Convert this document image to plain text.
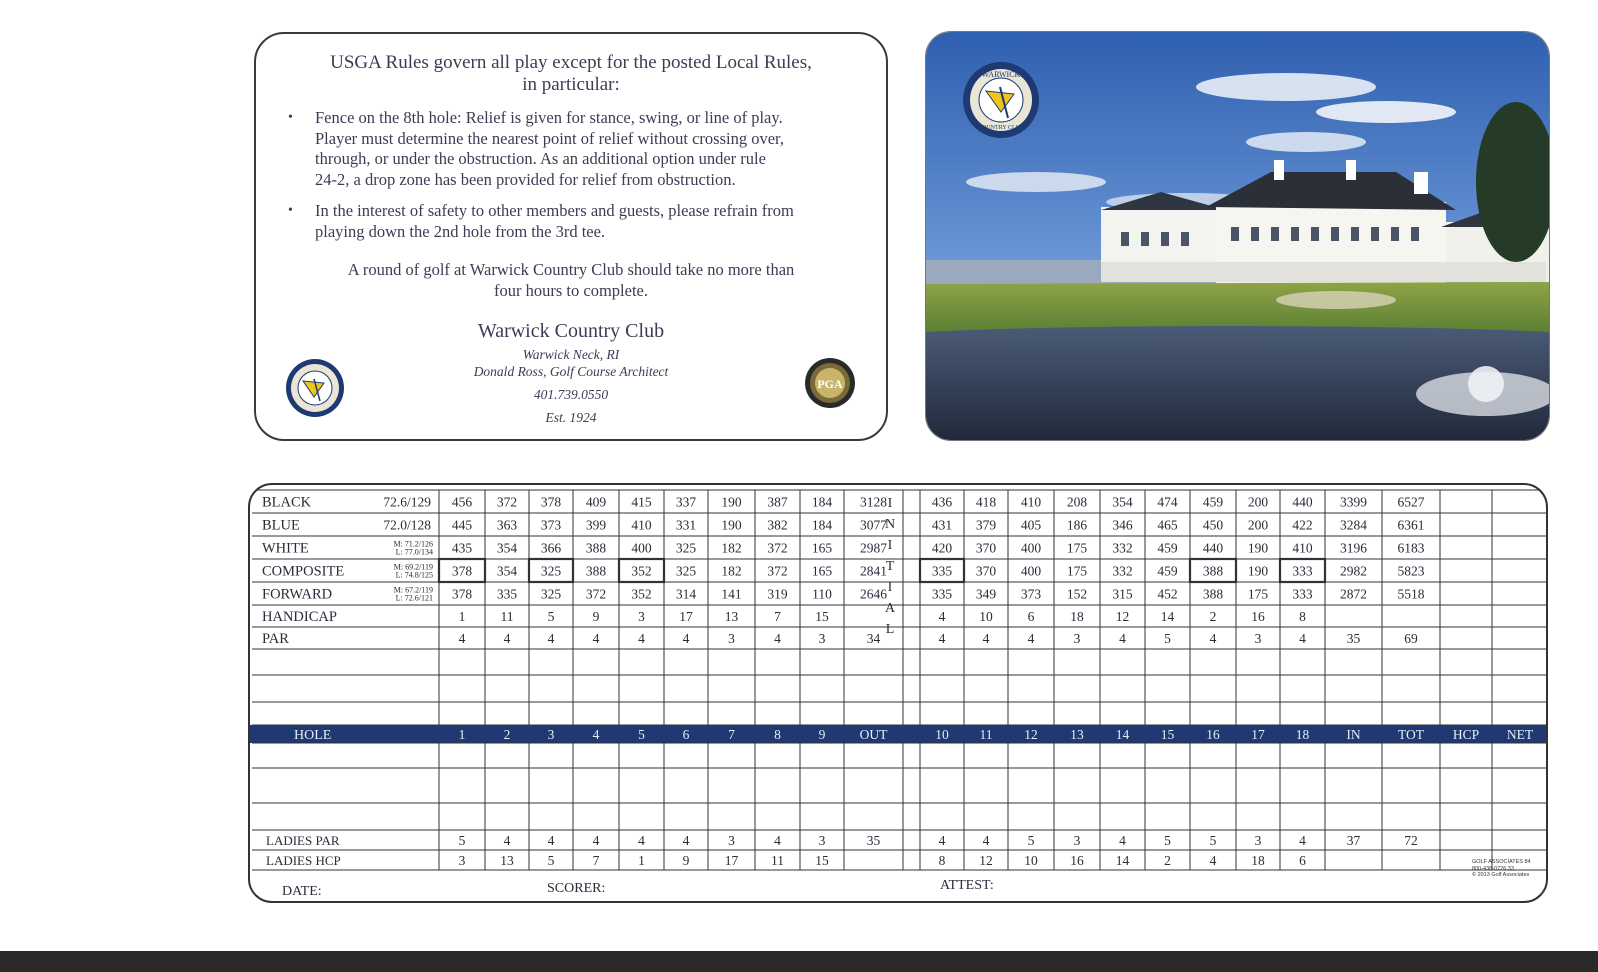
USGA Rules govern all play except for the posted Local Rules,
in particular:
• Fence on the 8th hole: Relief is given for stance, swing, or line of play.
Player must determine the nearest point of relief without crossing over,
through, or under the obstruction. As an additional option under rule
24-2, a drop zone has been provided for relief from obstruction.
• In the interest of safety to other members and guests, please refrain from
playing down the 2nd hole from the 3rd tee.
A round of golf at Warwick Country Club should take no more than
four hours to complete.
Warwick Country Club
Warwick Neck, RI
Donald Ross, Golf Course Architect
401.739.0550
Est. 1924
PGA
WARWICK
COUNTRY CLUB
BLACK	72.6/129 456 372 378 409 415 337 190 387 184 3128	436 418 410 208 354 474 459 200 440 3399 6527
BLUE	72.0/128 445 363 373 399 410 331 190 382 184 3077	431 379 405 186 346 465 450 200 422 3284 6361
WHITE	M: 71.2/126
L: 77.0/134 435 354 366 388 400 325 182 372 165 2987	420 370 400 175 332 459 440 190 410 3196 6183
COMPOSITE	M: 69.2/119
L: 74.8/125 378 354 325 388 352 325 182 372 165 2841	335 370 400 175 332 459 388 190 333 2982 5823
FORWARD	M: 67.2/119
L: 72.6/121 378 335 325 372 352 314 141 319 110 2646	335 349 373 152 315 452 388 175 333 2872 5518
HANDICAP	1	11	5	9	3	17 13	7	15	4	10	6	18 12 14	2	16	8
PAR	4	4	4	4	4	4	3	4	3	34	4	4	4	3	4	5	4	3	4	35	69
I
N
I
T
I
A
L
HOLE	1	2	3	4	5	6	7	8	9	OUT	10 11 12 13 14 15 16 17 18	IN	TOT HCP NET
LADIES PAR	5	4	4	4	4	4	3	4	3	35	4	4	5	3	4	5	5	3	4	37	72
LADIES HCP	3	13	5	7	1	9	17 11 15	8	12 10 16 14	2	4	18	6
DATE:	SCORER:	ATTEST:
GOLF ASSOCIATES 84
800-438-0726 33
© 2013 Golf Associates
